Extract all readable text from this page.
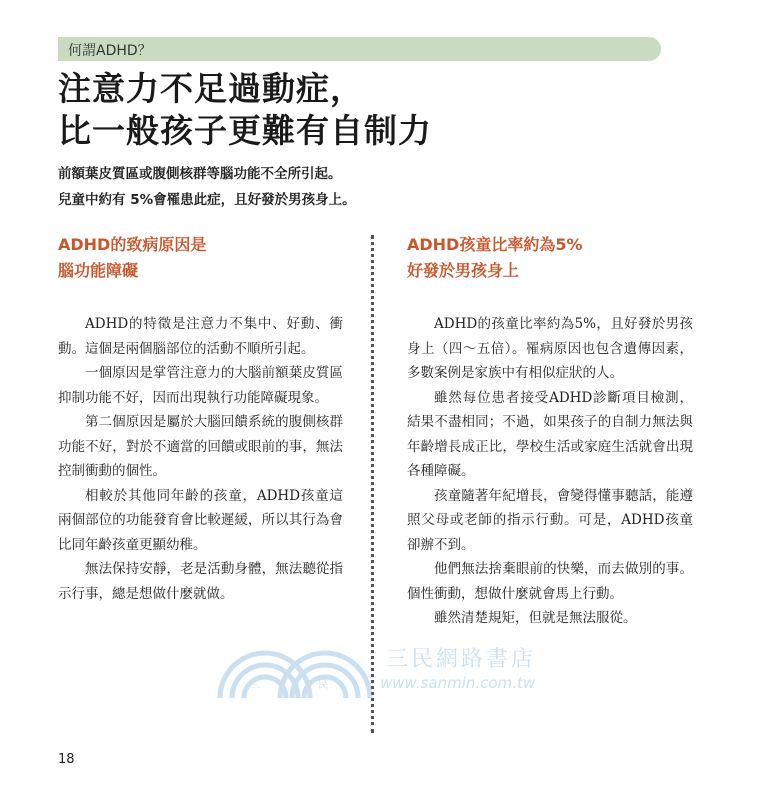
何謂ADHD？
注意力不足過動症，
比一般孩子更難有自制力
前額葉皮質區或腹側核群等腦功能不全所引起。
兒童中約有 5%會罹患此症，且好發於男孩身上。
ADHD的致病原因是
腦功能障礙

ADHD的特徵是注意力不集中、好動、衝動。這個是兩個腦部位的活動不順所引起。

一個原因是掌管注意力的大腦前額葉皮質區抑制功能不好，因而出現執行功能障礙現象。

第二個原因是屬於大腦回饋系統的腹側核群功能不好，對於不適當的回饋或眼前的事，無法控制衝動的個性。

相較於其他同年齡的孩童，ADHD孩童這兩個部位的功能發育會比較遲緩，所以其行為會比同年齡孩童更顯幼稚。

無法保持安靜，老是活動身體，無法聽從指示行事，總是想做什麼就做。

ADHD孩童比率約為5%
好發於男孩身上

ADHD的孩童比率約為5%，且好發於男孩身上（四～五倍）。罹病原因也包含遺傳因素，多數案例是家族中有相似症狀的人。

雖然每位患者接受ADHD診斷項目檢測，結果不盡相同；不過，如果孩子的自制力無法與年齡增長成正比，學校生活或家庭生活就會出現各種障礙。

孩童隨著年紀增長，會變得懂事聽話，能遵照父母或老師的指示行動。可是，ADHD孩童卻辦不到。

他們無法捨棄眼前的快樂，而去做別的事。個性衝動，想做什麼就會馬上行動。

雖然清楚規矩，但就是無法服從。

三	民
三民網路書店
www.sanmin.com.tw
18
